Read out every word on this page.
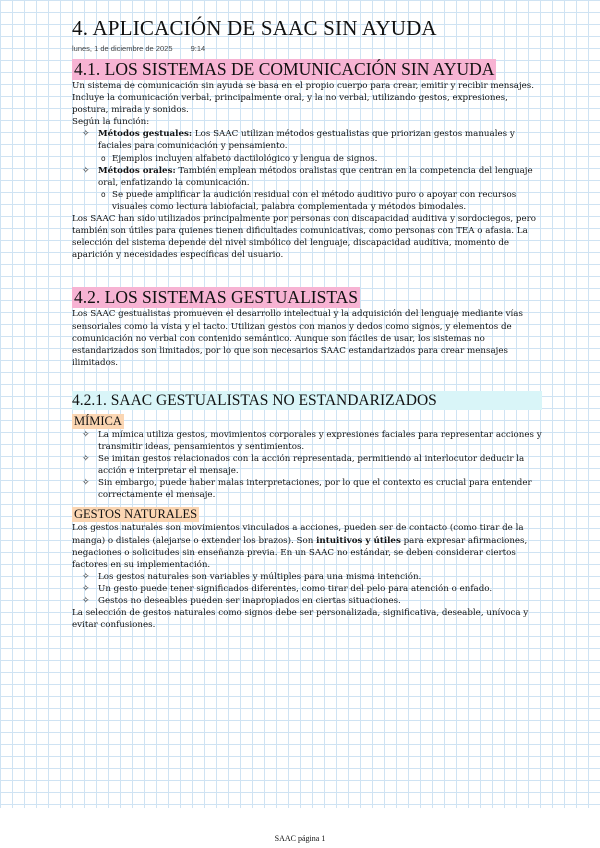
4. APLICACIÓN DE SAAC SIN AYUDA
lunes, 1 de diciembre de 2025 9:14
4.1. LOS SISTEMAS DE COMUNICACIÓN SIN AYUDA

Un sistema de comunicación sin ayuda se basa en el propio cuerpo para crear, emitir y recibir mensajes. Incluye la comunicación verbal, principalmente oral, y la no verbal, utilizando gestos, expresiones, postura, mirada y sonidos.

Según la función:

✧ Métodos gestuales: Los SAAC utilizan métodos gestualistas que priorizan gestos manuales y faciales para comunicación y pensamiento.
o Ejemplos incluyen alfabeto dactilológico y lengua de signos.
✧ Métodos orales: También emplean métodos oralistas que centran en la competencia del lenguaje oral, enfatizando la comunicación.
o Se puede amplificar la audición residual con el método auditivo puro o apoyar con recursos visuales como lectura labiofacial, palabra complementada y métodos bimodales.

Los SAAC han sido utilizados principalmente por personas con discapacidad auditiva y sordociegos, pero también son útiles para quienes tienen dificultades comunicativas, como personas con TEA o afasia. La selección del sistema depende del nivel simbólico del lenguaje, discapacidad auditiva, momento de aparición y necesidades específicas del usuario.

4.2. LOS SISTEMAS GESTUALISTAS

Los SAAC gestualistas promueven el desarrollo intelectual y la adquisición del lenguaje mediante vías sensoriales como la vista y el tacto. Utilizan gestos con manos y dedos como signos, y elementos de comunicación no verbal con contenido semántico. Aunque son fáciles de usar, los sistemas no estandarizados son limitados, por lo que son necesarios SAAC estandarizados para crear mensajes ilimitados.

4.2.1. SAAC GESTUALISTAS NO ESTANDARIZADOS
MÍMICA
✧ La mímica utiliza gestos, movimientos corporales y expresiones faciales para representar acciones y transmitir ideas, pensamientos y sentimientos.
✧ Se imitan gestos relacionados con la acción representada, permitiendo al interlocutor deducir la acción e interpretar el mensaje.
✧ Sin embargo, puede haber malas interpretaciones, por lo que el contexto es crucial para entender correctamente el mensaje.
GESTOS NATURALES

Los gestos naturales son movimientos vinculados a acciones, pueden ser de contacto (como tirar de la manga) o distales (alejarse o extender los brazos). Son intuitivos y útiles para expresar afirmaciones, negaciones o solicitudes sin enseñanza previa. En un SAAC no estándar, se deben considerar ciertos factores en su implementación.

✧ Los gestos naturales son variables y múltiples para una misma intención.
✧ Un gesto puede tener significados diferentes, como tirar del pelo para atención o enfado.
✧ Gestos no deseables pueden ser inapropiados en ciertas situaciones.

La selección de gestos naturales como signos debe ser personalizada, significativa, deseable, unívoca y evitar confusiones.

SAAC página 1
